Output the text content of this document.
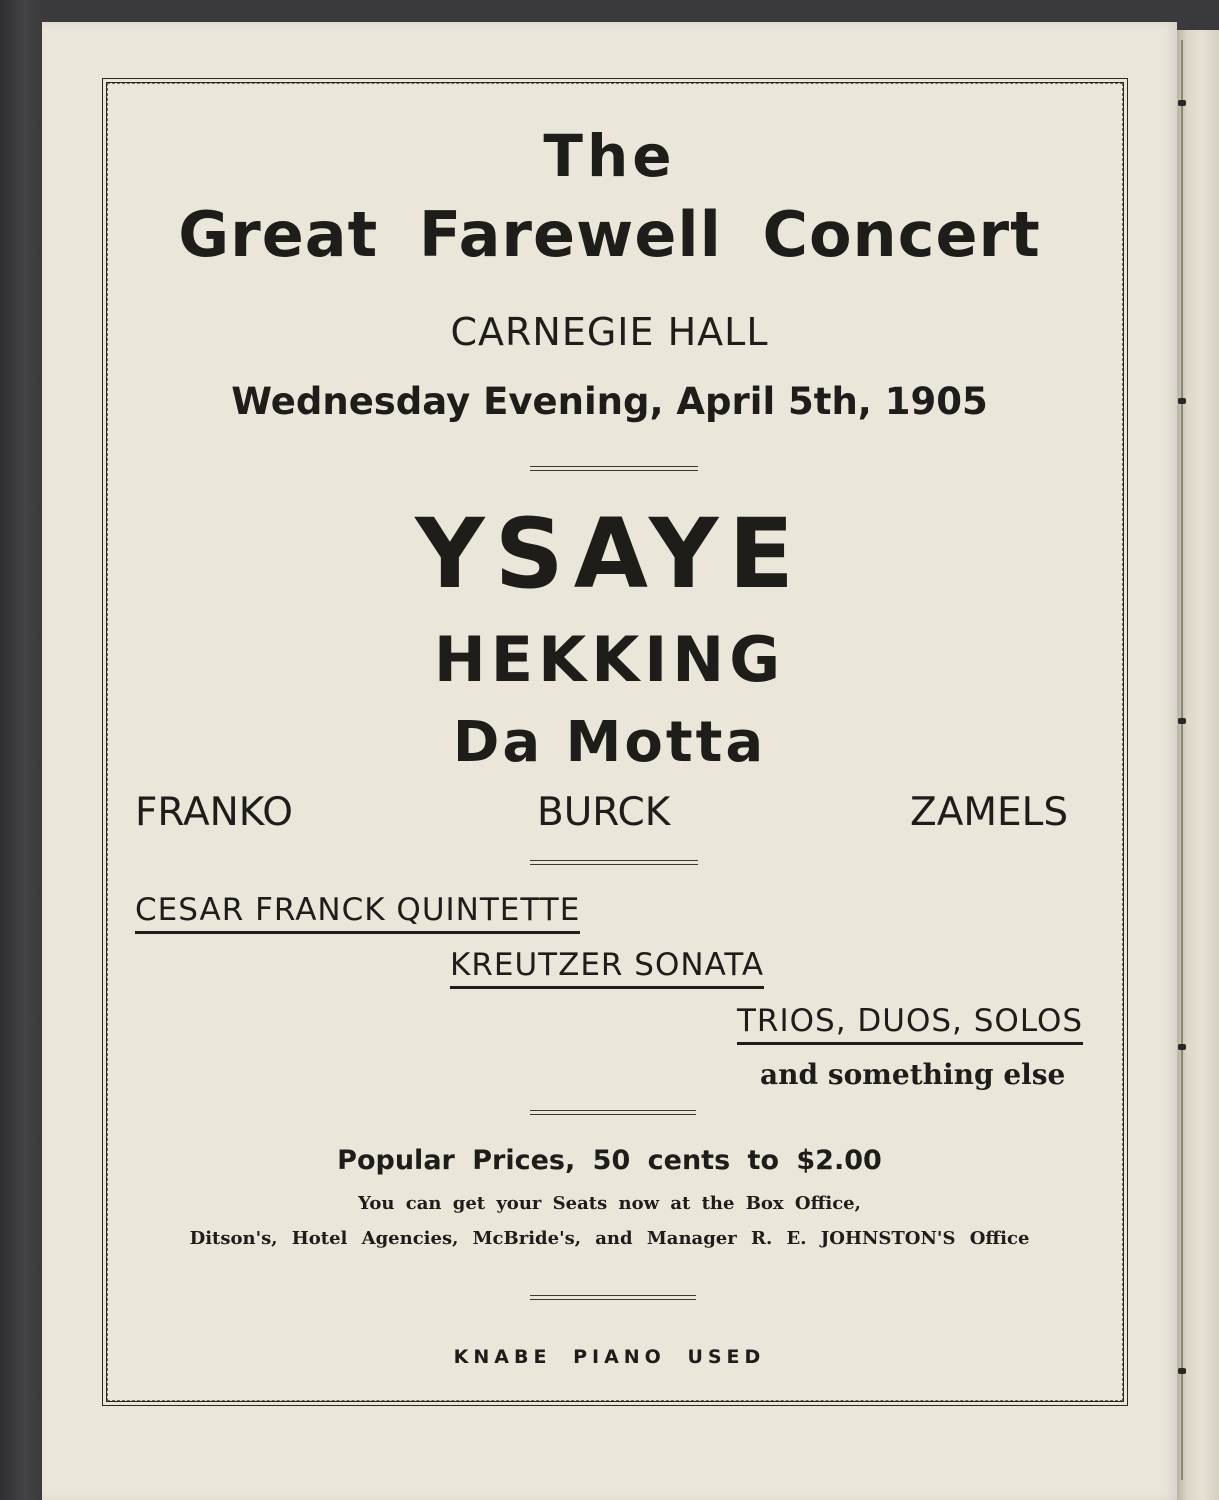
The
Great Farewell Concert
CARNEGIE HALL
Wednesday Evening, April 5th, 1905
YSAYE
HEKKING
Da Motta
FRANKO	BURCK	ZAMELS
CESAR FRANCK QUINTETTE
KREUTZER SONATA
TRIOS, DUOS, SOLOS
and something else
Popular Prices, 50 cents to $2.00
You can get your Seats now at the Box Office,
Ditson's, Hotel Agencies, McBride's, and Manager R. E. JOHNSTON'S Office
KNABE PIANO USED
